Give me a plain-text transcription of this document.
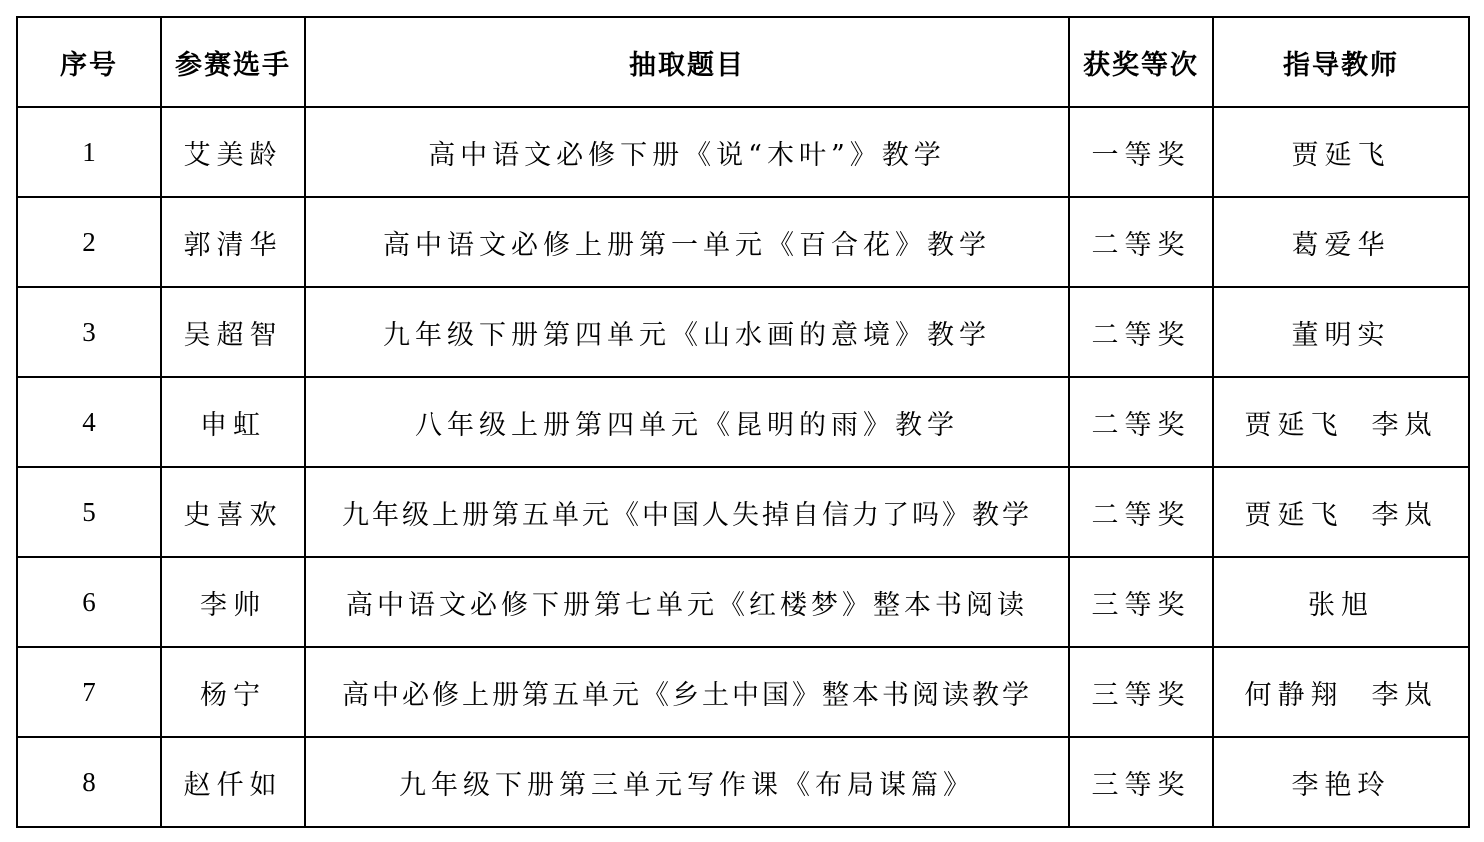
序号	参赛选手	抽取题目	获奖等次	指导教师
1	艾美龄	高中语文必修下册《说“木叶”》教学	一等奖	贾延飞
2	郭清华	高中语文必修上册第一单元《百合花》教学	二等奖	葛爱华
3	吴超智	九年级下册第四单元《山水画的意境》教学	二等奖	董明实
4	申虹	八年级上册第四单元《昆明的雨》教学	二等奖	贾延飞 李岚
5	史喜欢	九年级上册第五单元《中国人失掉自信力了吗》教学	二等奖	贾延飞 李岚
6	李帅	高中语文必修下册第七单元《红楼梦》整本书阅读	三等奖	张旭
7	杨宁	高中必修上册第五单元《乡土中国》整本书阅读教学	三等奖	何静翔 李岚
8	赵仟如	九年级下册第三单元写作课《布局谋篇》	三等奖	李艳玲
